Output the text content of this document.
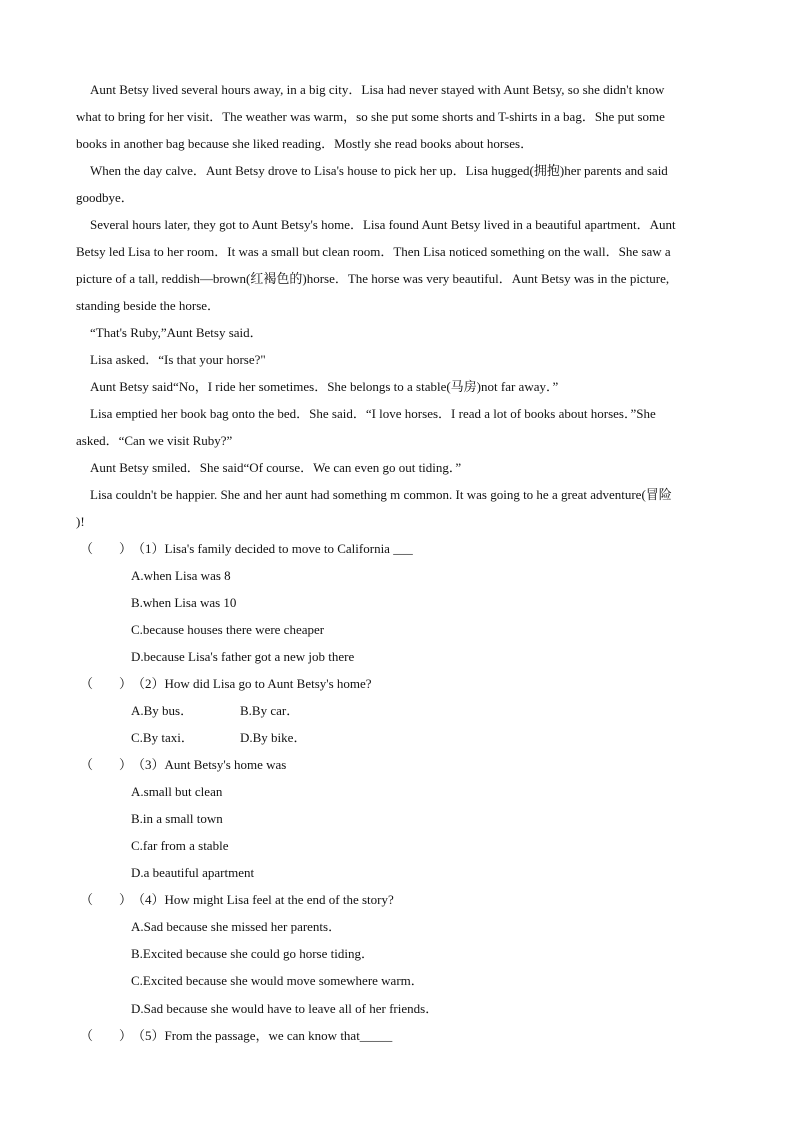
Aunt Betsy lived several hours away, in a big city．Lisa had never stayed with Aunt Betsy, so she didn't know
what to bring for her visit．The weather was warm，so she put some shorts and T-shirts in a bag．She put some
books in another bag because she liked reading．Mostly she read books about horses．
When the day calve．Aunt Betsy drove to Lisa's house to pick her up．Lisa hugged(拥抱)her parents and said
goodbye．
Several hours later, they got to Aunt Betsy's home．Lisa found Aunt Betsy lived in a beautiful apartment．Aunt
Betsy led Lisa to her room．It was a small but clean room．Then Lisa noticed something on the wall．She saw a
picture of a tall, reddish—brown(红褐色的)horse．The horse was very beautiful．Aunt Betsy was in the picture,
standing beside the horse．
“That's Ruby,”Aunt Betsy said．
Lisa asked．“Is that your horse?"
Aunt Betsy said“No，I ride her sometimes．She belongs to a stable(马房)not far away．”
Lisa emptied her book bag onto the bed．She said．“I love horses．I read a lot of books about horses．”She
asked．“Can we visit Ruby?”
Aunt Betsy smiled．She said“Of course．We can even go out tiding．”
Lisa couldn't be happier. She and her aunt had something m common. It was going to he a great adventure(冒险
)!
（　　）（1）Lisa's family decided to move to California ___
A.when Lisa was 8
B.when Lisa was 10
C.because houses there were cheaper
D.because Lisa's father got a new job there
（　　）（2）How did Lisa go to Aunt Betsy's home?
A.By bus．	B.By car．
C.By taxi．	D.By bike．
（　　）（3）Aunt Betsy's home was
A.small but clean
B.in a small town
C.far from a stable
D.a beautiful apartment
（　　）（4）How might Lisa feel at the end of the story?
A.Sad because she missed her parents．
B.Excited because she could go horse tiding．
C.Excited because she would move somewhere warm．
D.Sad because she would have to leave all of her friends．
（　　）（5）From the passage，we can know that_____
